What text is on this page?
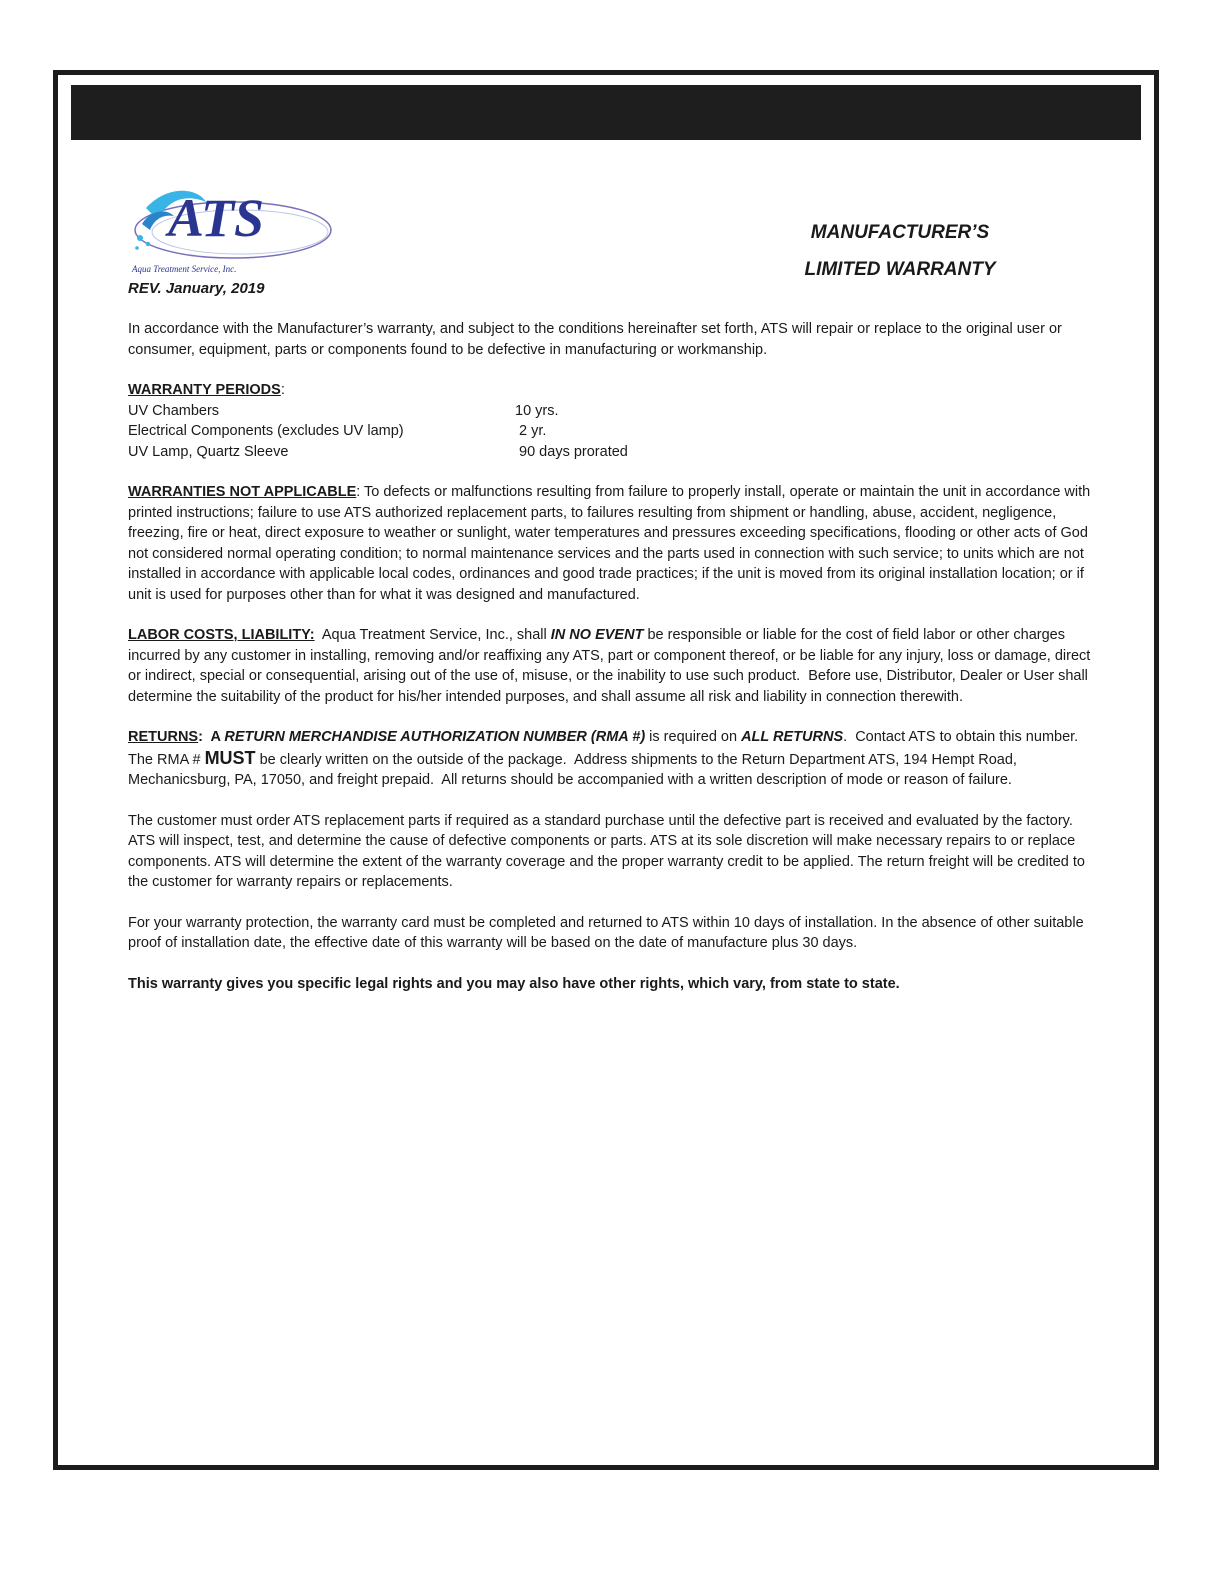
ATS
Aqua Treatment Service, Inc.
REV. January, 2019
MANUFACTURER’S
LIMITED WARRANTY

In accordance with the Manufacturer’s warranty, and subject to the conditions hereinafter set forth, ATS will repair or replace to the original user or consumer, equipment, parts or components found to be defective in manufacturing or workmanship.

WARRANTY PERIODS:
UV Chambers	10 yrs.
Electrical Components (excludes UV lamp)	2 yr.
UV Lamp, Quartz Sleeve	90 days prorated

WARRANTIES NOT APPLICABLE: To defects or malfunctions resulting from failure to properly install, operate or maintain the unit in accordance with printed instructions; failure to use ATS authorized replacement parts, to failures resulting from shipment or handling, abuse, accident, negligence, freezing, fire or heat, direct exposure to weather or sunlight, water temperatures and pressures exceeding specifications, flooding or other acts of God not considered normal operating condition; to normal maintenance services and the parts used in connection with such service; to units which are not installed in accordance with applicable local codes, ordinances and good trade practices; if the unit is moved from its original installation location; or if unit is used for purposes other than for what it was designed and manufactured.

LABOR COSTS, LIABILITY:  Aqua Treatment Service, Inc., shall IN NO EVENT be responsible or liable for the cost of field labor or other charges incurred by any customer in installing, removing and/or reaffixing any ATS, part or component thereof, or be liable for any injury, loss or damage, direct or indirect, special or consequential, arising out of the use of, misuse, or the inability to use such product.  Before use, Distributor, Dealer or User shall determine the suitability of the product for his/her intended purposes, and shall assume all risk and liability in connection therewith.

RETURNS:  A RETURN MERCHANDISE AUTHORIZATION NUMBER (RMA #) is required on ALL RETURNS.  Contact ATS to obtain this number.  The RMA # MUST be clearly written on the outside of the package.  Address shipments to the Return Department ATS, 194 Hempt Road, Mechanicsburg, PA, 17050, and freight prepaid.  All returns should be accompanied with a written description of mode or reason of failure.

The customer must order ATS replacement parts if required as a standard purchase until the defective part is received and evaluated by the factory. ATS will inspect, test, and determine the cause of defective components or parts. ATS at its sole discretion will make necessary repairs to or replace components. ATS will determine the extent of the warranty coverage and the proper warranty credit to be applied. The return freight will be credited to the customer for warranty repairs or replacements.

For your warranty protection, the warranty card must be completed and returned to ATS within 10 days of installation. In the absence of other suitable proof of installation date, the effective date of this warranty will be based on the date of manufacture plus 30 days.

This warranty gives you specific legal rights and you may also have other rights, which vary, from state to state.
